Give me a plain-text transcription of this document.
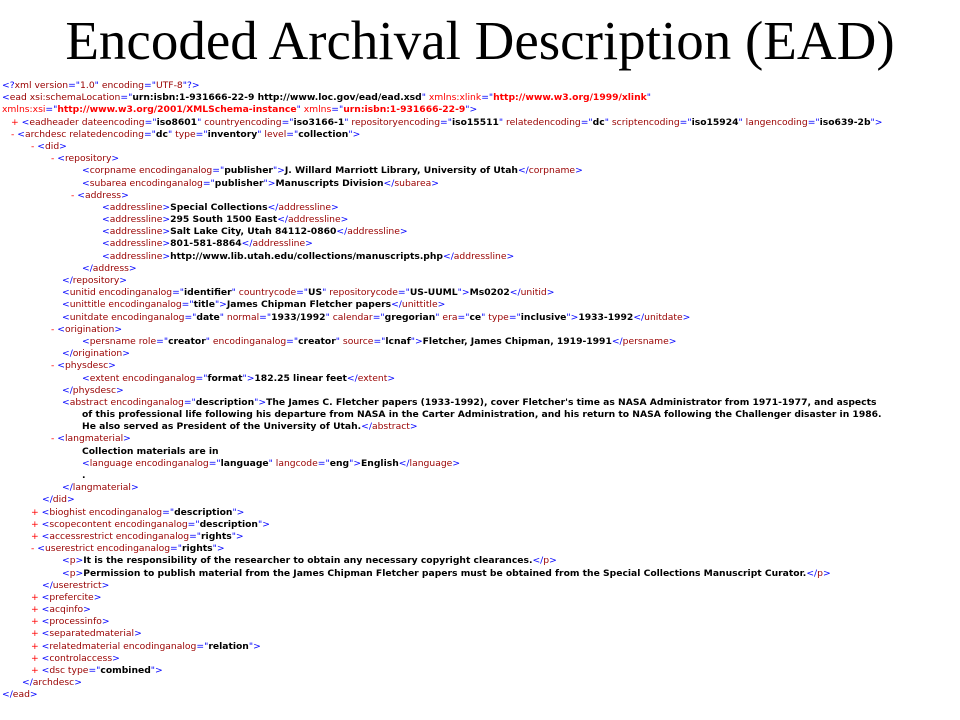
Encoded Archival Description (EAD)
<?xml version="1.0" encoding="UTF-8"?>
<ead xsi:schemaLocation="urn:isbn:1-931666-22-9 http://www.loc.gov/ead/ead.xsd" xmlns:xlink="http://www.w3.org/1999/xlink"
xmlns:xsi="http://www.w3.org/2001/XMLSchema-instance" xmlns="urn:isbn:1-931666-22-9">
+ <eadheader dateencoding="iso8601" countryencoding="iso3166-1" repositoryencoding="iso15511" relatedencoding="dc" scriptencoding="iso15924" langencoding="iso639-2b">
- <archdesc relatedencoding="dc" type="inventory" level="collection">
- <did>
- <repository>
<corpname encodinganalog="publisher">J. Willard Marriott Library, University of Utah</corpname>
<subarea encodinganalog="publisher">Manuscripts Division</subarea>
- <address>
<addressline>Special Collections</addressline>
<addressline>295 South 1500 East</addressline>
<addressline>Salt Lake City, Utah 84112-0860</addressline>
<addressline>801-581-8864</addressline>
<addressline>http://www.lib.utah.edu/collections/manuscripts.php</addressline>
</address>
</repository>
<unitid encodinganalog="identifier" countrycode="US" repositorycode="US-UUML">Ms0202</unitid>
<unittitle encodinganalog="title">James Chipman Fletcher papers</unittitle>
<unitdate encodinganalog="date" normal="1933/1992" calendar="gregorian" era="ce" type="inclusive">1933-1992</unitdate>
- <origination>
<persname role="creator" encodinganalog="creator" source="lcnaf">Fletcher, James Chipman, 1919-1991</persname>
</origination>
- <physdesc>
<extent encodinganalog="format">182.25 linear feet</extent>
</physdesc>
<abstract encodinganalog="description">The James C. Fletcher papers (1933-1992), cover Fletcher's time as NASA Administrator from 1971-1977, and aspects
of this professional life following his departure from NASA in the Carter Administration, and his return to NASA following the Challenger disaster in 1986.
He also served as President of the University of Utah.</abstract>
- <langmaterial>
Collection materials are in
<language encodinganalog="language" langcode="eng">English</language>
.
</langmaterial>
</did>
+ <bioghist encodinganalog="description">
+ <scopecontent encodinganalog="description">
+ <accessrestrict encodinganalog="rights">
- <userestrict encodinganalog="rights">
<p>It is the responsibility of the researcher to obtain any necessary copyright clearances.</p>
<p>Permission to publish material from the James Chipman Fletcher papers must be obtained from the Special Collections Manuscript Curator.</p>
</userestrict>
+ <prefercite>
+ <acqinfo>
+ <processinfo>
+ <separatedmaterial>
+ <relatedmaterial encodinganalog="relation">
+ <controlaccess>
+ <dsc type="combined">
</archdesc>
</ead>
